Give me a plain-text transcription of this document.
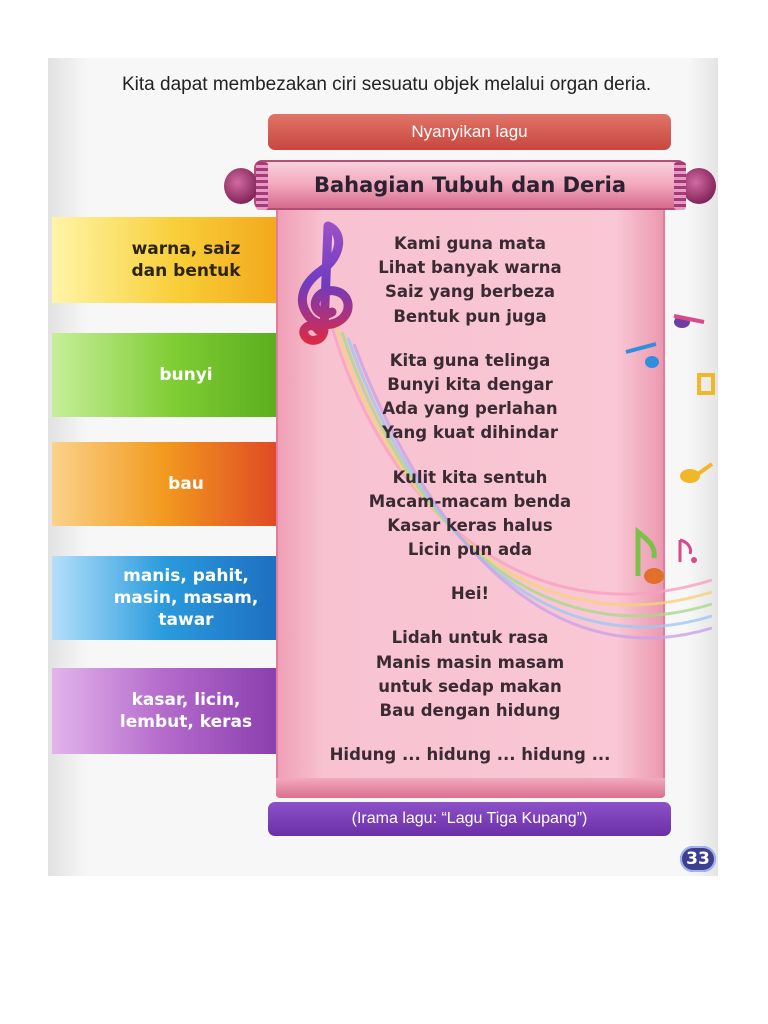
Kita dapat membezakan ciri sesuatu objek melalui organ deria.

Nyanyikan lagu
warna, saiz
dan bentuk
bunyi
bau
manis, pahit,
masin, masam,
tawar
kasar, licin,
lembut, keras
Bahagian Tubuh dan Deria
Kami guna mata
Lihat banyak warna
Saiz yang berbeza
Bentuk pun juga
Kita guna telinga
Bunyi kita dengar
Ada yang perlahan
Yang kuat dihindar
Kulit kita sentuh
Macam-macam benda
Kasar keras halus
Licin pun ada
Hei!
Lidah untuk rasa
Manis masin masam
untuk sedap makan
Bau dengan hidung
Hidung ... hidung ... hidung ...
(Irama lagu: “Lagu Tiga Kupang”)
33
